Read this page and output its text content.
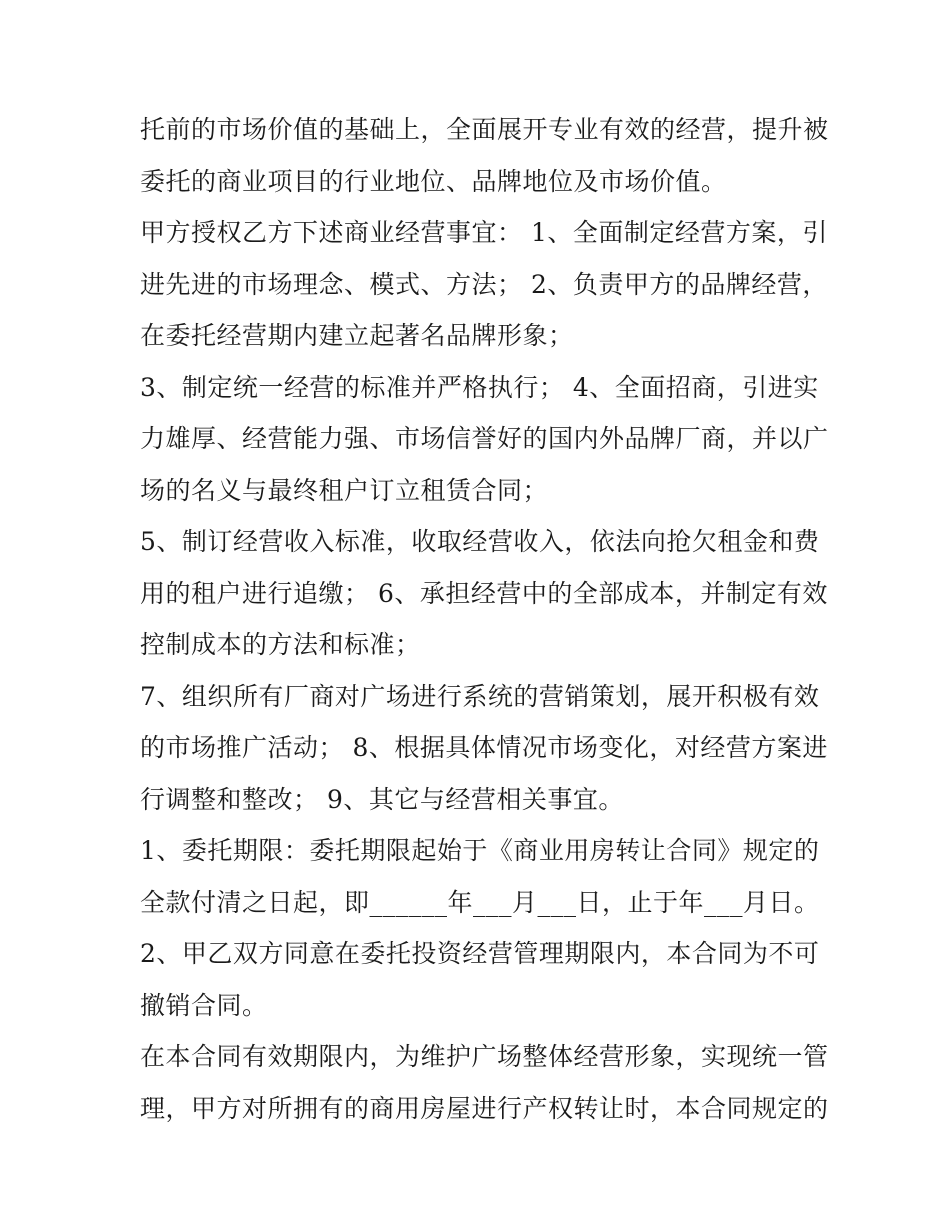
托前的市场价值的基础上，全面展开专业有效的经营，提升被
委托的商业项目的行业地位、品牌地位及市场价值。
甲方授权乙方下述商业经营事宜： 1、全面制定经营方案，引
进先进的市场理念、模式、方法； 2、负责甲方的品牌经营，
在委托经营期内建立起著名品牌形象；
3、制定统一经营的标准并严格执行； 4、全面招商，引进实
力雄厚、经营能力强、市场信誉好的国内外品牌厂商，并以广
场的名义与最终租户订立租赁合同；
5、制订经营收入标准，收取经营收入，依法向抢欠租金和费
用的租户进行追缴； 6、承担经营中的全部成本，并制定有效
控制成本的方法和标准；
7、组织所有厂商对广场进行系统的营销策划，展开积极有效
的市场推广活动； 8、根据具体情况市场变化，对经营方案进
行调整和整改； 9、其它与经营相关事宜。
1、委托期限：委托期限起始于《商业用房转让合同》规定的
全款付清之日起，即______年___月___日，止于年___月日。
2、甲乙双方同意在委托投资经营管理期限内，本合同为不可
撤销合同。
在本合同有效期限内，为维护广场整体经营形象，实现统一管
理，甲方对所拥有的商用房屋进行产权转让时，本合同规定的
